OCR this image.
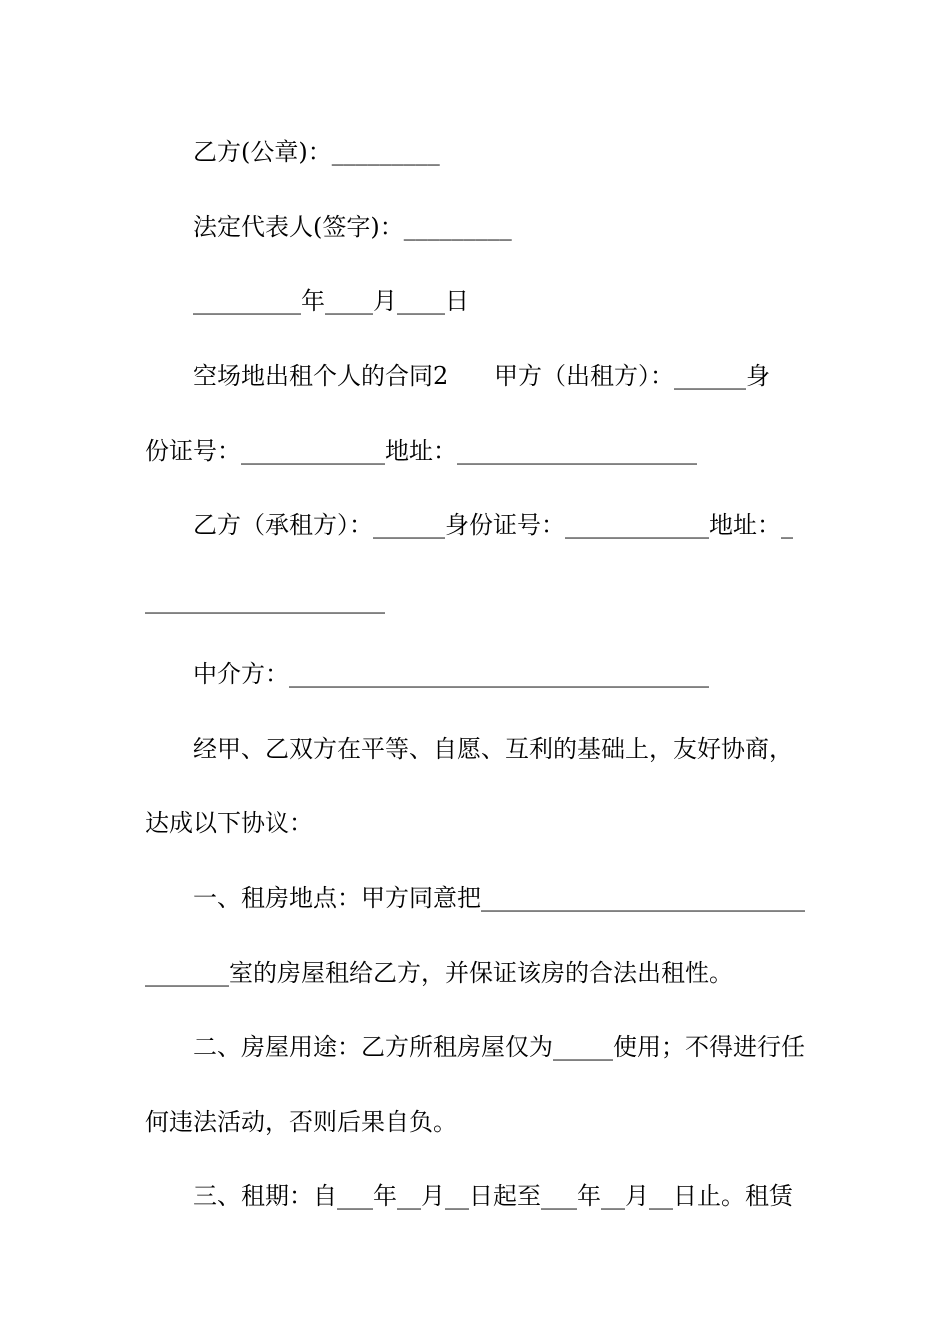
乙方(公章)：_________
法定代表人(签字)：_________
_________年____月____日
空场地出租个人的合同2      甲方（出租方）：______身
份证号：____________地址：____________________
乙方（承租方）：______身份证号：____________地址：_
____________________
中介方：___________________________________
经甲、乙双方在平等、自愿、互利的基础上，友好协商，
达成以下协议：
一、租房地点：甲方同意把___________________________
_______室的房屋租给乙方，并保证该房的合法出租性。
二、房屋用途：乙方所租房屋仅为_____使用；不得进行任
何违法活动，否则后果自负。
三、租期：自___年__月__日起至___年__月__日止。租赁
